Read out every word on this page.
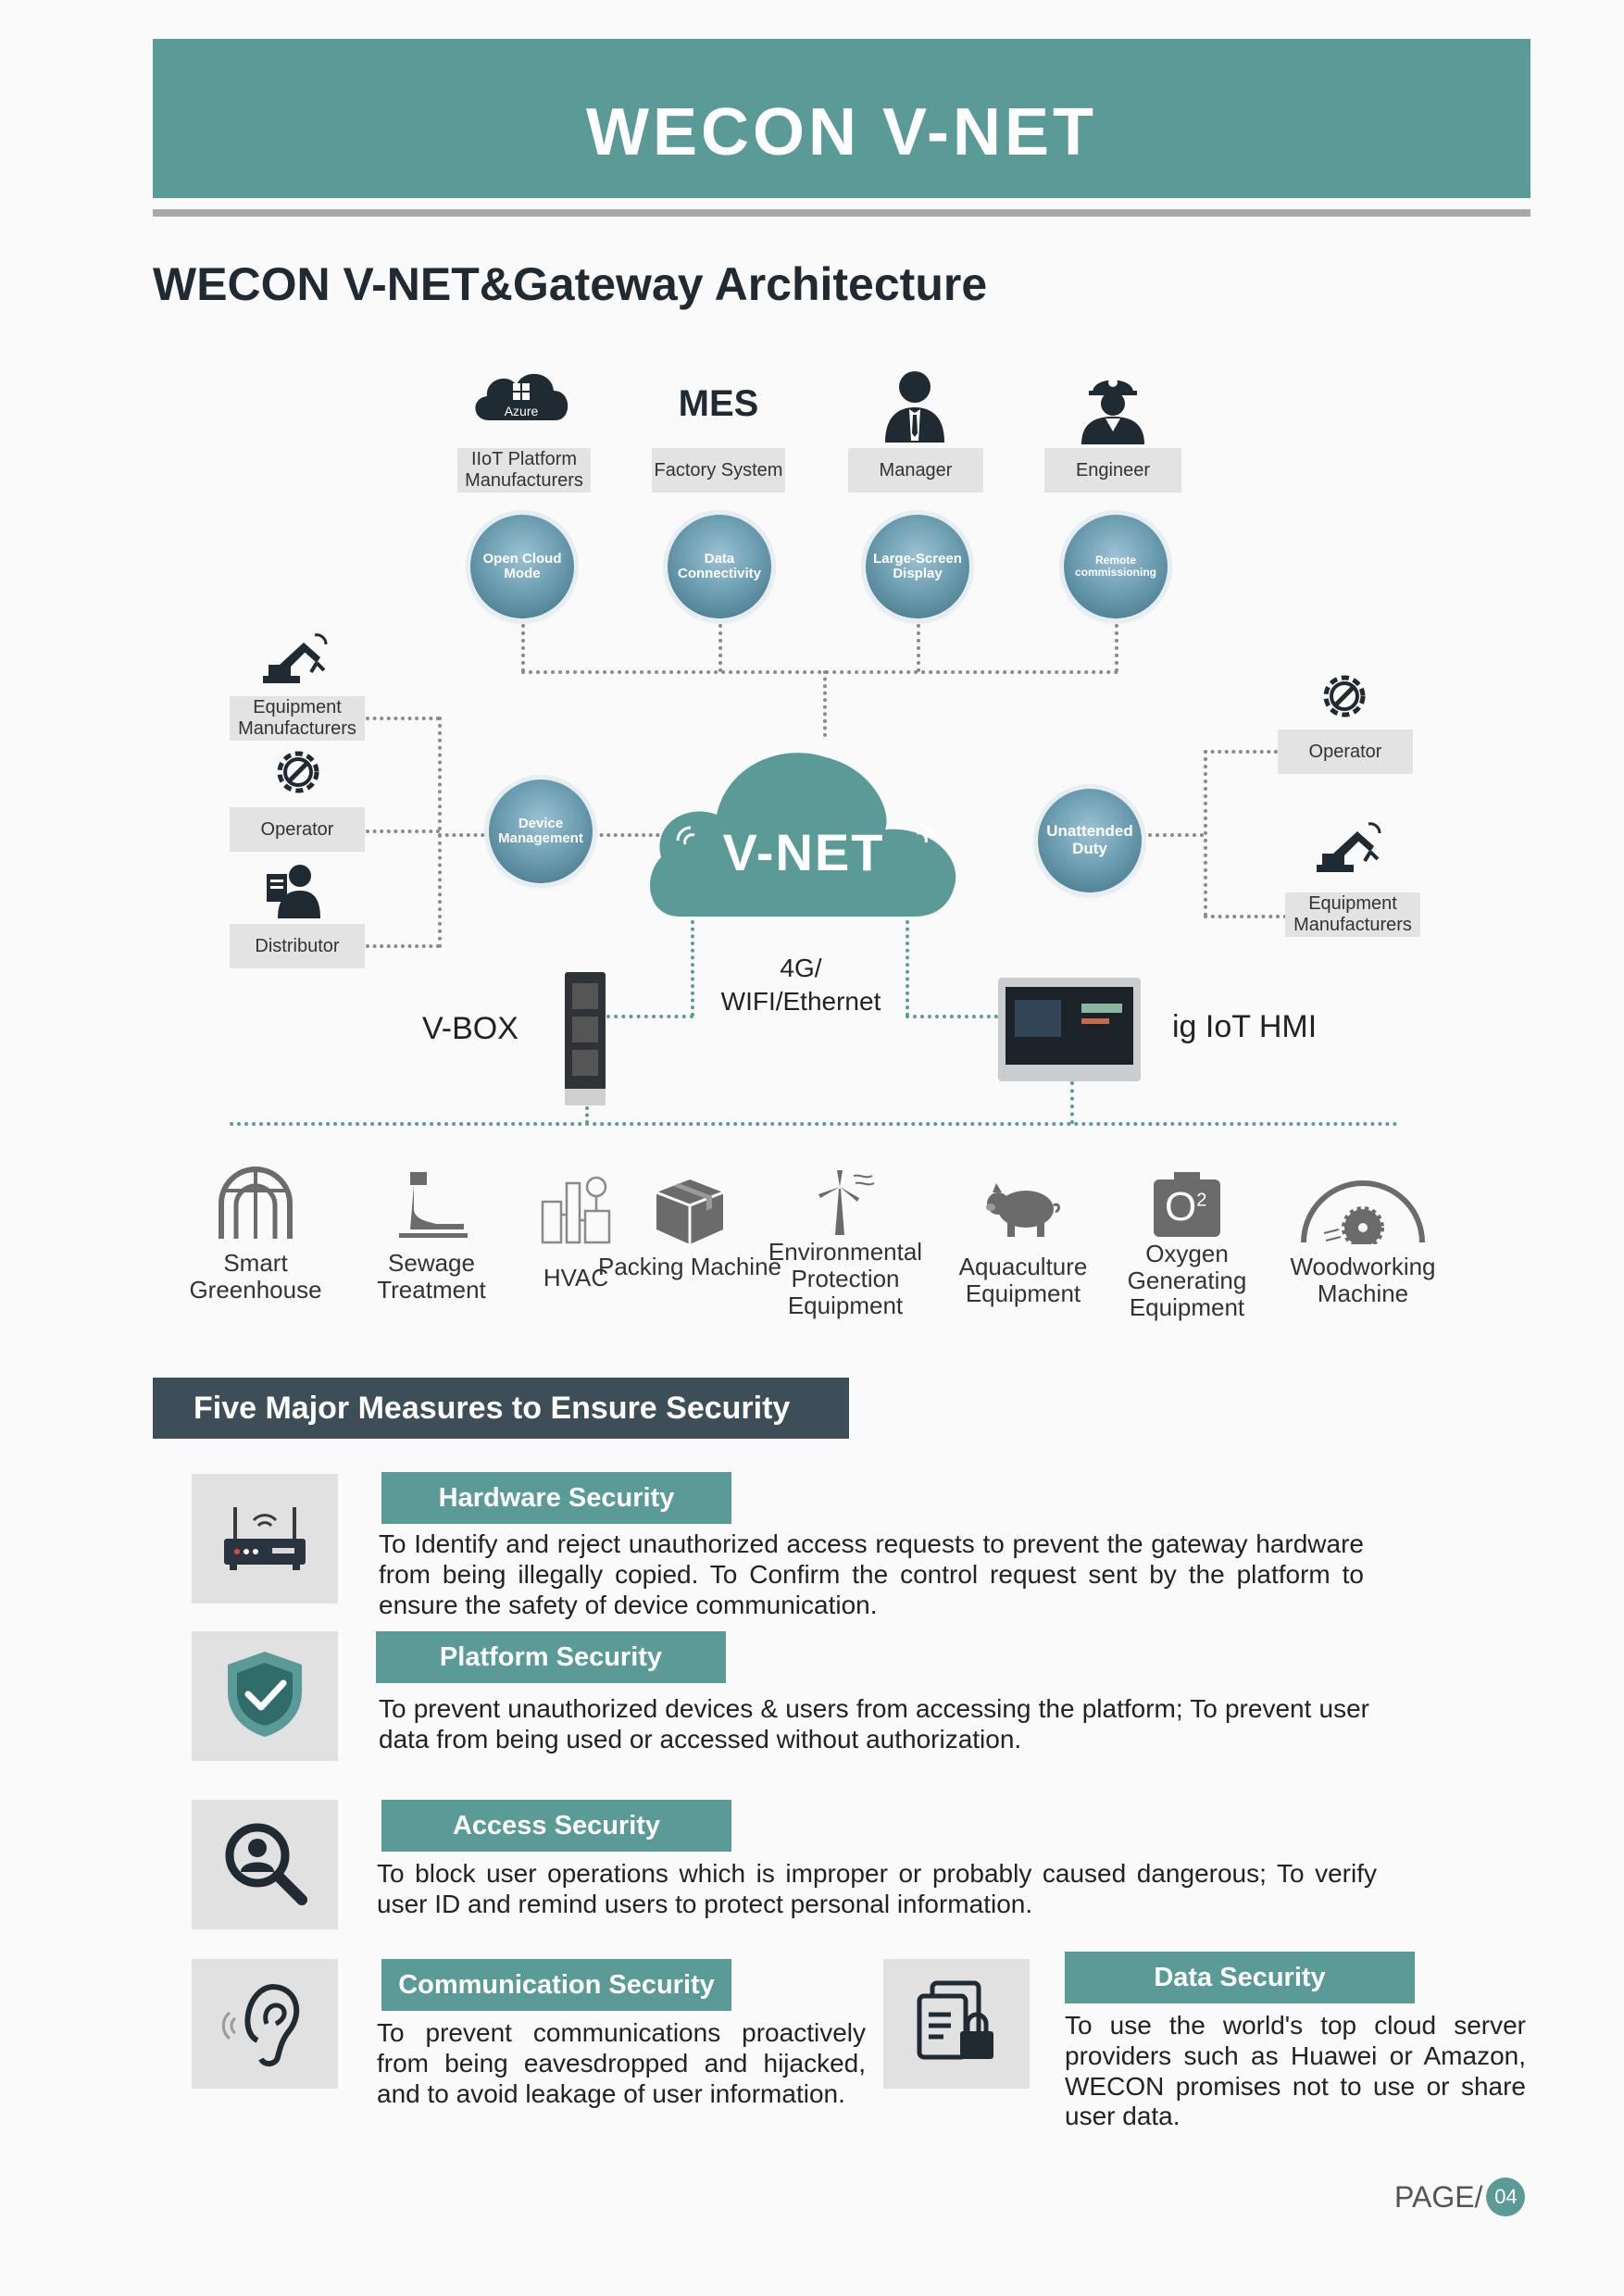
WECON V-NET
WECON V-NET&Gateway Architecture
Azure	MES
IIoT Platform Manufacturers
Factory System	Manager	Engineer
Open Cloud Mode
Data Connectivity
Large-Screen Display
Remote commissioning
Equipment Manufacturers
Operator
Distributor
Device Management	V-NET	Unattended Duty
Operator
Equipment Manufacturers
V-BOX
4G/
WIFI/Ethernet
ig IoT HMI
Smart Greenhouse
Sewage Treatment	HVAC
Packing Machine
Environmental Protection Equipment
Aquaculture Equipment
$O^2$
Oxygen Generating Equipment
Woodworking Machine
Five Major Measures to Ensure Security
Hardware Security
To Identify and reject unauthorized access requests to prevent the gateway hardware from being illegally copied. To Confirm the control request sent by the platform to ensure the safety of device communication.
Platform Security
To prevent unauthorized devices & users from accessing the platform; To prevent user data from being used or accessed without authorization.
Access Security
To block user operations which is improper or probably caused dangerous; To verify user ID and remind users to protect personal information.
Communication Security
To prevent communications proactively from being eavesdropped and hijacked, and to avoid leakage of user information.
Data Security
To use the world's top cloud server providers such as Huawei or Amazon, WECON promises not to use or share user data.
PAGE/ 04
